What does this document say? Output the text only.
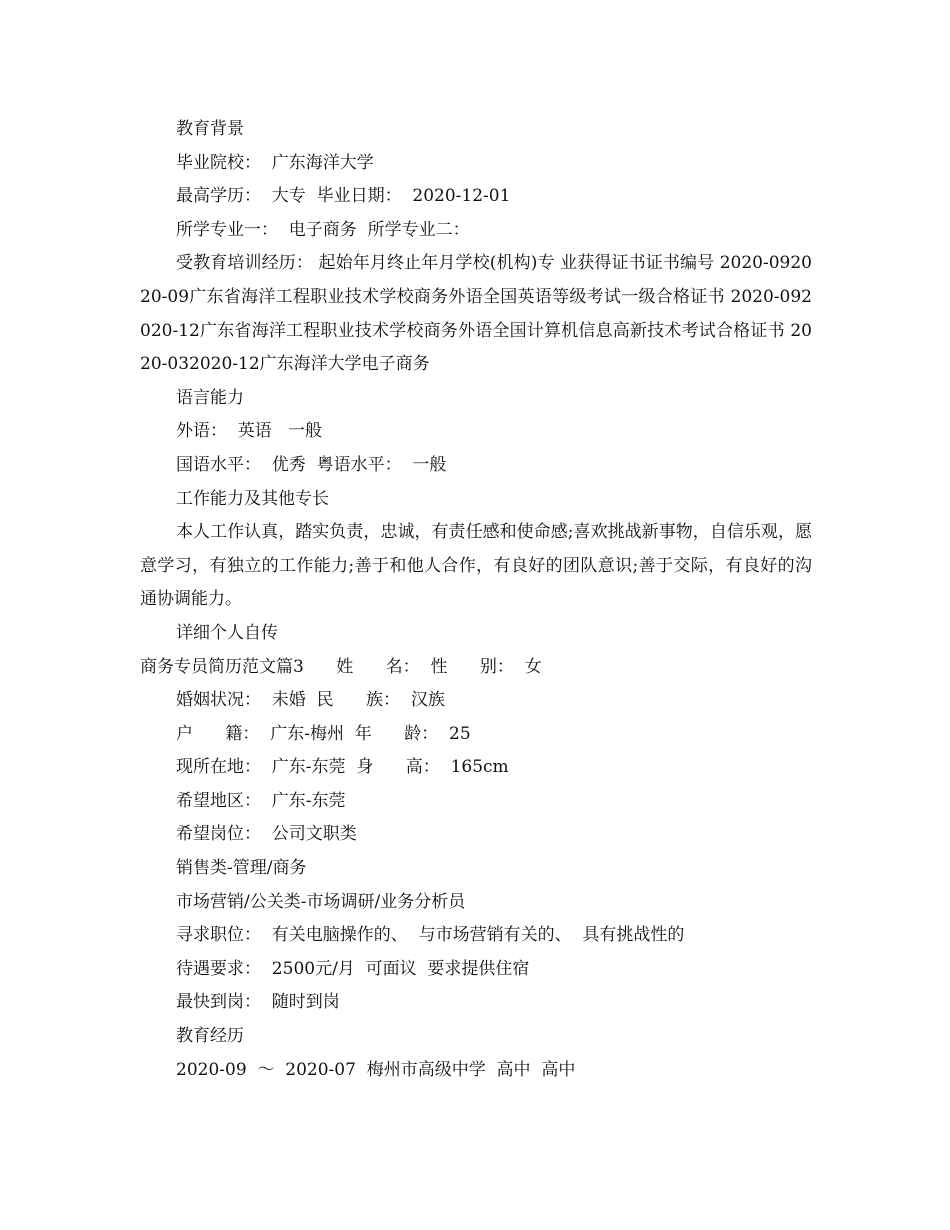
教育背景
毕业院校：  广东海洋大学
最高学历：  大专  毕业日期：  2020-12-01
所学专业一：  电子商务  所学专业二：
受教育培训经历： 起始年月终止年月学校(机构)专 业获得证书证书编号 2020-092020-09广东省海洋工程职业技术学校商务外语全国英语等级考试一级合格证书 2020-092020-12广东省海洋工程职业技术学校商务外语全国计算机信息高新技术考试合格证书 2020-032020-12广东海洋大学电子商务
语言能力
外语：  英语   一般
国语水平：  优秀  粤语水平：  一般
工作能力及其他专长
本人工作认真，踏实负责，忠诚，有责任感和使命感;喜欢挑战新事物，自信乐观，愿意学习，有独立的工作能力;善于和他人合作，有良好的团队意识;善于交际，有良好的沟通协调能力。
详细个人自传
商务专员简历范文篇3      姓      名：  性      别：  女
婚姻状况：  未婚  民      族：  汉族
户      籍：  广东-梅州  年      龄：  25
现所在地：  广东-东莞  身      高：  165cm
希望地区：  广东-东莞
希望岗位：  公司文职类
销售类-管理/商务
市场营销/公关类-市场调研/业务分析员
寻求职位：  有关电脑操作的、  与市场营销有关的、  具有挑战性的
待遇要求：  2500元/月  可面议  要求提供住宿
最快到岗：  随时到岗
教育经历
2020-09  ～  2020-07  梅州市高级中学  高中  高中
